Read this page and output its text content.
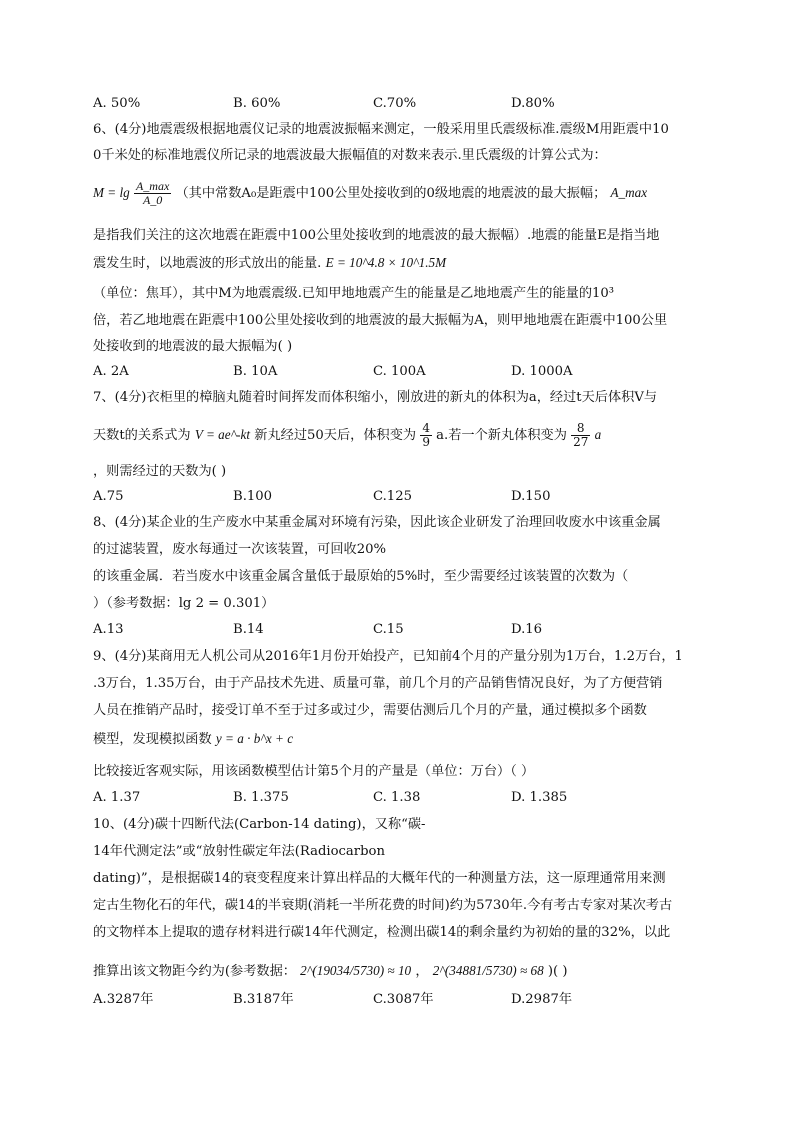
A. 50%	B. 60%	C.70%	D.80%
6、(4分)地震震级根据地震仪记录的地震波振幅来测定，一般采用里氏震级标准.震级M用距震中10
0千米处的标准地震仪所记录的地震波最大振幅值的对数来表示.里氏震级的计算公式为：
$M = \lg \frac{A\_\max}{A\_0}$ （其中常数A₀是距震中100公里处接收到的0级地震的地震波的最大振幅； A_max
是指我们关注的这次地震在距震中100公里处接收到的地震波的最大振幅）.地震的能量E是指当地
震发生时，以地震波的形式放出的能量. E = 10^4.8 × 10^1.5M
（单位：焦耳），其中M为地震震级.已知甲地地震产生的能量是乙地地震产生的能量的10³
倍，若乙地地震在距震中100公里处接收到的地震波的最大振幅为A，则甲地地震在距震中100公里
处接收到的地震波的最大振幅为( )
A. 2A	B. 10A	C. 100A	D. 1000A
7、(4分)衣柜里的樟脑丸随着时间挥发而体积缩小，刚放进的新丸的体积为a，经过t天后体积V与
天数t的关系式为 V = ae^-kt 新丸经过50天后，体积变为 $\frac{4}{9} a$.若一个新丸体积变为 $\frac{8}{27}$ a
，则需经过的天数为( )
A.75	B.100	C.125	D.150
8、(4分)某企业的生产废水中某重金属对环境有污染，因此该企业研发了治理回收废水中该重金属
的过滤装置，废水每通过一次该装置，可回收20%
的该重金属．若当废水中该重金属含量低于最原始的5%时，至少需要经过该装置的次数为（
）（参考数据：lg 2 = 0.301）
A.13	B.14	C.15	D.16
9、(4分)某商用无人机公司从2016年1月份开始投产，已知前4个月的产量分别为1万台，1.2万台，1
.3万台，1.35万台，由于产品技术先进、质量可靠，前几个月的产品销售情况良好，为了方便营销
人员在推销产品时，接受订单不至于过多或过少，需要估测后几个月的产量，通过模拟多个函数
模型，发现模拟函数 y = a · b^x + c
比较接近客观实际，用该函数模型估计第5个月的产量是（单位：万台）（ ）
A. 1.37	B. 1.375	C. 1.38	D. 1.385
10、(4分)碳十四断代法(Carbon-14 dating)，又称“碳-
14年代测定法”或“放射性碳定年法(Radiocarbon
dating)”，是根据碳14的衰变程度来计算出样品的大概年代的一种测量方法，这一原理通常用来测
定古生物化石的年代，碳14的半衰期(消耗一半所花费的时间)约为5730年.今有考古专家对某次考古
的文物样本上提取的遗存材料进行碳14年代测定，检测出碳14的剩余量约为初始的量的32%，以此
推算出该文物距今约为(参考数据： 2^(19034/5730) ≈ 10 ， 2^(34881/5730) ≈ 68 )( )
A.3287年	B.3187年	C.3087年	D.2987年
